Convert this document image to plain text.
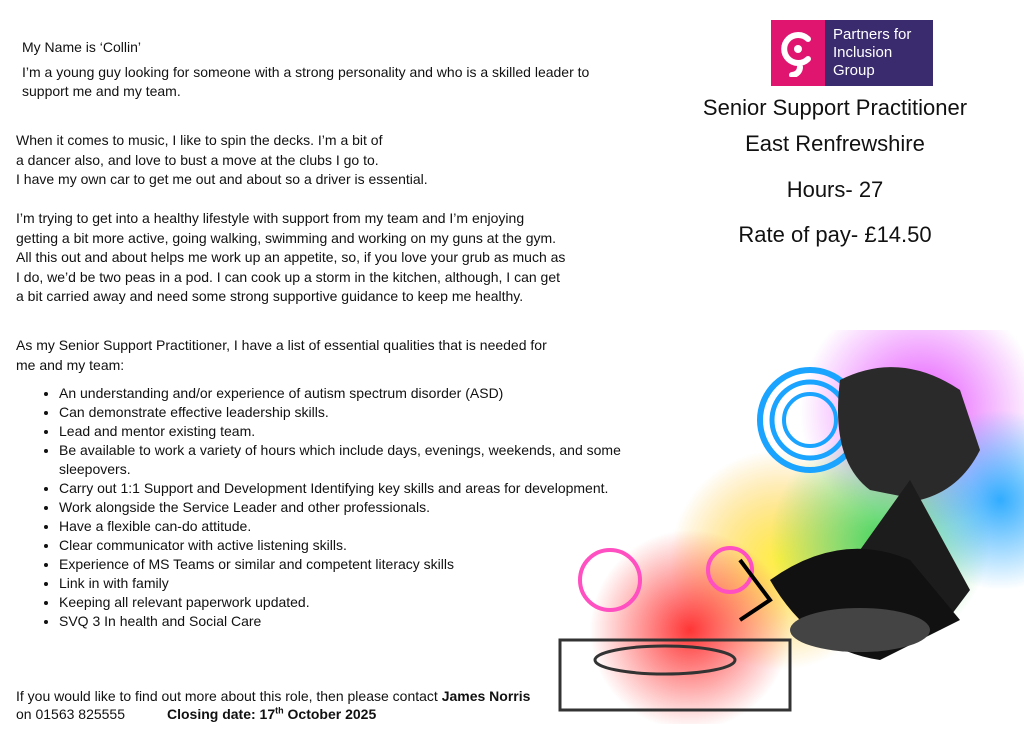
My Name is ‘Collin’

I’m a young guy looking for someone with a strong personality and who is a skilled leader to support me and my team.

When it comes to music, I like to spin the decks. I’m a bit of

a dancer also, and love to bust a move at the clubs I go to.

I have my own car to get me out and about so a driver is essential.

I’m trying to get into a healthy lifestyle with support from my team and I’m enjoying

getting a bit more active, going walking, swimming and working on my guns at the gym.

All this out and about helps me work up an appetite, so, if you love your grub as much as

I do, we’d be two peas in a pod. I can cook up a storm in the kitchen, although, I can get

a bit carried away and need some strong supportive guidance to keep me healthy.

As my Senior Support Practitioner, I have a list of essential qualities that is needed for

me and my team:

• An understanding and/or experience of autism spectrum disorder (ASD)
• Can demonstrate effective leadership skills.
• Lead and mentor existing team.
• Be available to work a variety of hours which include days, evenings, weekends, and some sleepovers.
• Carry out 1:1 Support and Development Identifying key skills and areas for development.
• Work alongside the Service Leader and other professionals.
• Have a flexible can-do attitude.
• Clear communicator with active listening skills.
• Experience of MS Teams or similar and competent literacy skills
• Link in with family
• Keeping all relevant paperwork updated.
• SVQ 3 In health and Social Care
If you would like to find out more about this role, then please contact James Norris
on 01563 825555	Closing date: 17th October 2025
Partners for
Inclusion
Group
Senior Support Practitioner
East Renfrewshire
Hours- 27
Rate of pay- £14.50
